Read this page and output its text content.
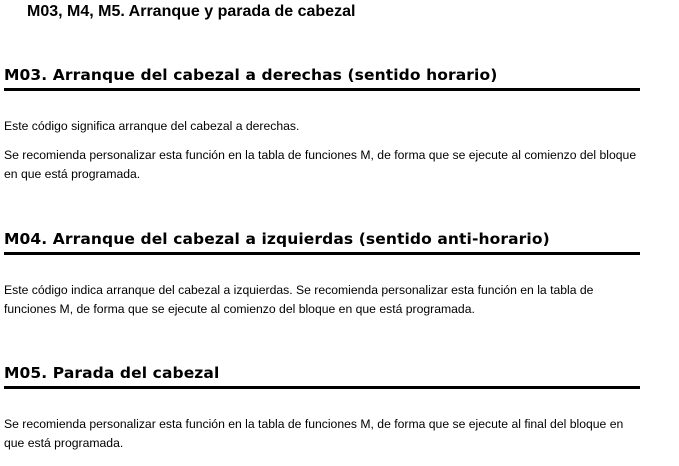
M03, M4, M5. Arranque y parada de cabezal
M03. Arranque del cabezal a derechas (sentido horario)

Este código significa arranque del cabezal a derechas.

Se recomienda personalizar esta función en la tabla de funciones M, de forma que se ejecute al comienzo del bloque en que está programada.

M04. Arranque del cabezal a izquierdas (sentido anti-horario)

Este código indica arranque del cabezal a izquierdas. Se recomienda personalizar esta función en la tabla de funciones M, de forma que se ejecute al comienzo del bloque en que está programada.

M05. Parada del cabezal

Se recomienda personalizar esta función en la tabla de funciones M, de forma que se ejecute al final del bloque en que está programada.
